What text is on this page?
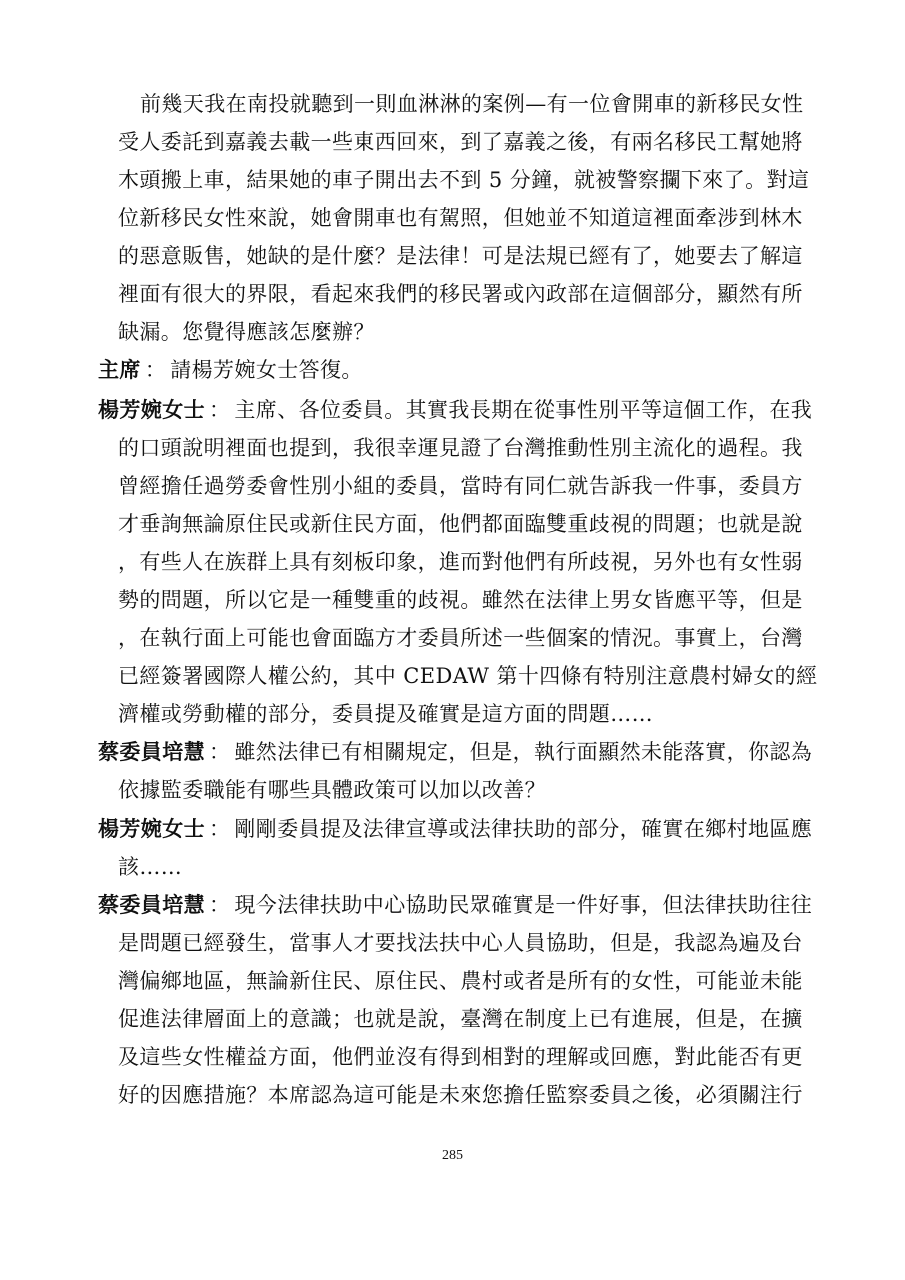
前幾天我在南投就聽到一則血淋淋的案例—有一位會開車的新移民女性
受人委託到嘉義去載一些東西回來，到了嘉義之後，有兩名移民工幫她將
木頭搬上車，結果她的車子開出去不到 5 分鐘，就被警察攔下來了。對這
位新移民女性來說，她會開車也有駕照，但她並不知道這裡面牽涉到林木
的惡意販售，她缺的是什麼？是法律！可是法規已經有了，她要去了解這
裡面有很大的界限，看起來我們的移民署或內政部在這個部分，顯然有所
缺漏。您覺得應該怎麼辦？
主席 ： 請楊芳婉女士答復。
楊芳婉女士 ： 主席、各位委員。其實我長期在從事性別平等這個工作，在我
的口頭說明裡面也提到，我很幸運見證了台灣推動性別主流化的過程。我
曾經擔任過勞委會性別小組的委員，當時有同仁就告訴我一件事，委員方
才垂詢無論原住民或新住民方面，他們都面臨雙重歧視的問題；也就是說
，有些人在族群上具有刻板印象，進而對他們有所歧視，另外也有女性弱
勢的問題，所以它是一種雙重的歧視。雖然在法律上男女皆應平等，但是
，在執行面上可能也會面臨方才委員所述一些個案的情況。事實上，台灣
已經簽署國際人權公約，其中 CEDAW 第十四條有特別注意農村婦女的經
濟權或勞動權的部分，委員提及確實是這方面的問題……
蔡委員培慧 ： 雖然法律已有相關規定，但是，執行面顯然未能落實，你認為
依據監委職能有哪些具體政策可以加以改善？
楊芳婉女士 ： 剛剛委員提及法律宣導或法律扶助的部分，確實在鄉村地區應
該……
蔡委員培慧 ： 現今法律扶助中心協助民眾確實是一件好事，但法律扶助往往
是問題已經發生，當事人才要找法扶中心人員協助，但是，我認為遍及台
灣偏鄉地區，無論新住民、原住民、農村或者是所有的女性，可能並未能
促進法律層面上的意識；也就是說，臺灣在制度上已有進展，但是，在擴
及這些女性權益方面，他們並沒有得到相對的理解或回應，對此能否有更
好的因應措施？本席認為這可能是未來您擔任監察委員之後，必須關注行
285
